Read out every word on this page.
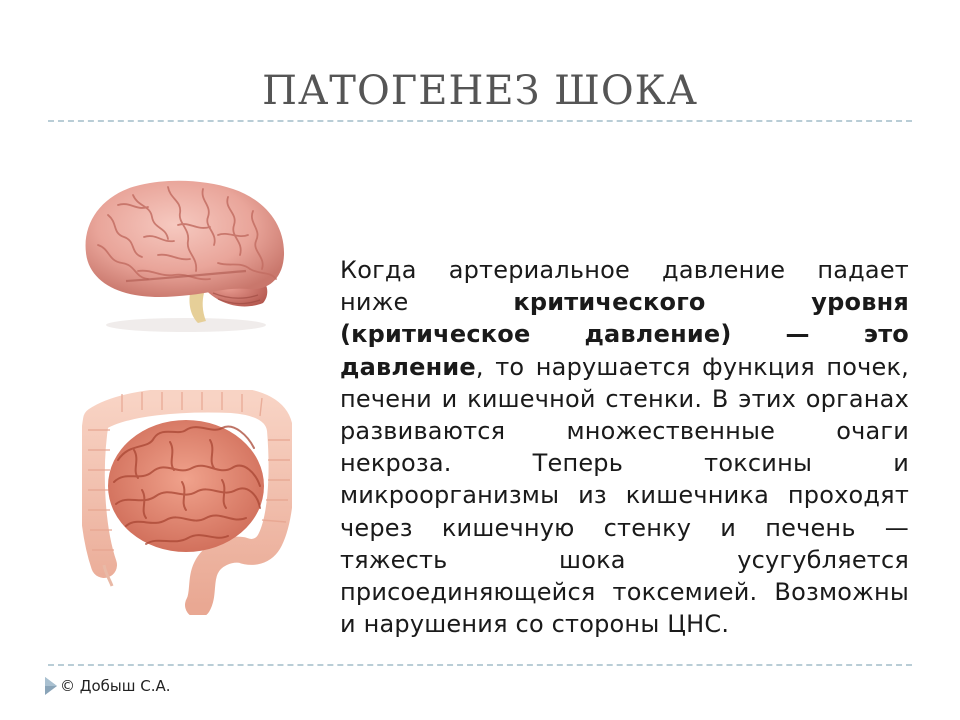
ПАТОГЕНЕЗ ШОКА
Когда артериальное давление падает ниже критического уровня (критическое давление) — это давление, то нарушается функция почек, печени и кишечной стенки. В этих органах развиваются множественные очаги некроза. Теперь токсины и микроорганизмы из кишечника проходят через кишечную стенку и печень — тяжесть шока усугубляется присоединяющейся токсемией. Возможны и нарушения со стороны ЦНС.
© Добыш С.А.
